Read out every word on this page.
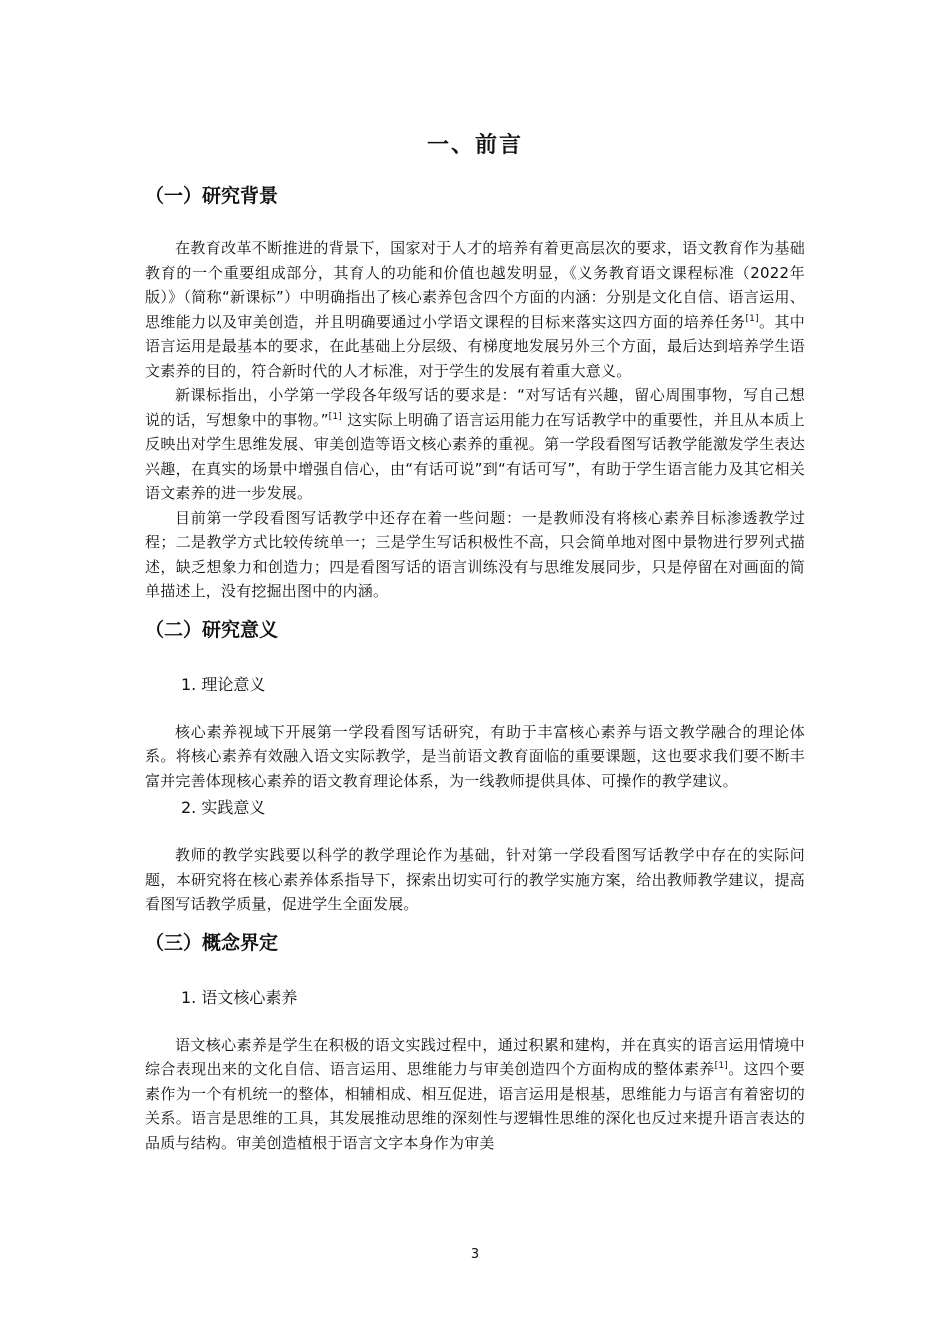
一、前言
（一）研究背景

在教育改革不断推进的背景下，国家对于人才的培养有着更高层次的要求，语文教育作为基础教育的一个重要组成部分，其育人的功能和价值也越发明显，《义务教育语文课程标准（2022年版）》（简称“新课标”）中明确指出了核心素养包含四个方面的内涵：分别是文化自信、语言运用、思维能力以及审美创造，并且明确要通过小学语文课程的目标来落实这四方面的培养任务[1]。其中语言运用是最基本的要求，在此基础上分层级、有梯度地发展另外三个方面，最后达到培养学生语文素养的目的，符合新时代的人才标准，对于学生的发展有着重大意义。

新课标指出，小学第一学段各年级写话的要求是：“对写话有兴趣，留心周围事物，写自己想说的话，写想象中的事物。”[1] 这实际上明确了语言运用能力在写话教学中的重要性，并且从本质上反映出对学生思维发展、审美创造等语文核心素养的重视。第一学段看图写话教学能激发学生表达兴趣，在真实的场景中增强自信心，由“有话可说”到“有话可写”，有助于学生语言能力及其它相关语文素养的进一步发展。

目前第一学段看图写话教学中还存在着一些问题：一是教师没有将核心素养目标渗透教学过程；二是教学方式比较传统单一；三是学生写话积极性不高，只会简单地对图中景物进行罗列式描述，缺乏想象力和创造力；四是看图写话的语言训练没有与思维发展同步，只是停留在对画面的简单描述上，没有挖掘出图中的内涵。

（二）研究意义
1. 理论意义

核心素养视域下开展第一学段看图写话研究，有助于丰富核心素养与语文教学融合的理论体系。将核心素养有效融入语文实际教学，是当前语文教育面临的重要课题，这也要求我们要不断丰富并完善体现核心素养的语文教育理论体系，为一线教师提供具体、可操作的教学建议。

2. 实践意义

教师的教学实践要以科学的教学理论作为基础，针对第一学段看图写话教学中存在的实际问题，本研究将在核心素养体系指导下，探索出切实可行的教学实施方案，给出教师教学建议，提高看图写话教学质量，促进学生全面发展。

（三）概念界定
1. 语文核心素养

语文核心素养是学生在积极的语文实践过程中，通过积累和建构，并在真实的语言运用情境中综合表现出来的文化自信、语言运用、思维能力与审美创造四个方面构成的整体素养[1]。这四个要素作为一个有机统一的整体，相辅相成、相互促进，语言运用是根基，思维能力与语言有着密切的关系。语言是思维的工具，其发展推动思维的深刻性与逻辑性思维的深化也反过来提升语言表达的品质与结构。审美创造植根于语言文字本身作为审美

3
